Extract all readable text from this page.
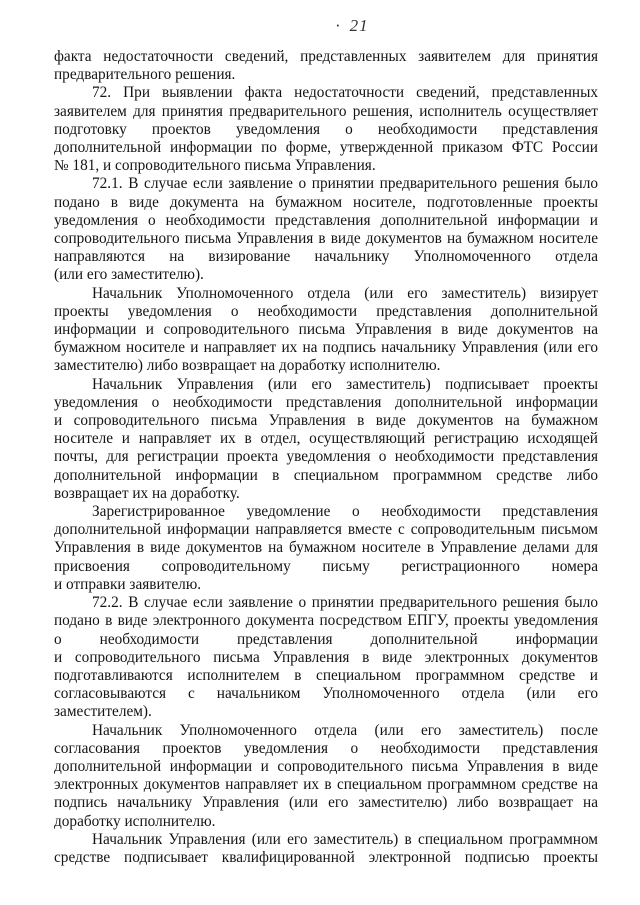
· 21

факта недостаточности сведений, представленных заявителем для принятия
предварительного решения.

72. При выявлении факта недостаточности сведений, представленных
заявителем для принятия предварительного решения, исполнитель осуществляет
подготовку проектов уведомления о необходимости представления
дополнительной информации по форме, утвержденной приказом ФТС России
№ 181, и сопроводительного письма Управления.

72.1. В случае если заявление о принятии предварительного решения было
подано в виде документа на бумажном носителе, подготовленные проекты
уведомления о необходимости представления дополнительной информации и
сопроводительного письма Управления в виде документов на бумажном носителе
направляются на визирование начальнику Уполномоченного отдела
(или его заместителю).

Начальник Уполномоченного отдела (или его заместитель) визирует
проекты уведомления о необходимости представления дополнительной
информации и сопроводительного письма Управления в виде документов на
бумажном носителе и направляет их на подпись начальнику Управления (или его
заместителю) либо возвращает на доработку исполнителю.

Начальник Управления (или его заместитель) подписывает проекты
уведомления о необходимости представления дополнительной информации
и сопроводительного письма Управления в виде документов на бумажном
носителе и направляет их в отдел, осуществляющий регистрацию исходящей
почты, для регистрации проекта уведомления о необходимости представления
дополнительной информации в специальном программном средстве либо
возвращает их на доработку.

Зарегистрированное уведомление о необходимости представления
дополнительной информации направляется вместе с сопроводительным письмом
Управления в виде документов на бумажном носителе в Управление делами для
присвоения сопроводительному письму регистрационного номера
и отправки заявителю.

72.2. В случае если заявление о принятии предварительного решения было
подано в виде электронного документа посредством ЕПГУ, проекты уведомления
о необходимости представления дополнительной информации
и сопроводительного письма Управления в виде электронных документов
подготавливаются исполнителем в специальном программном средстве и
согласовываются с начальником Уполномоченного отдела (или его
заместителем).

Начальник Уполномоченного отдела (или его заместитель) после
согласования проектов уведомления о необходимости представления
дополнительной информации и сопроводительного письма Управления в виде
электронных документов направляет их в специальном программном средстве на
подпись начальнику Управления (или его заместителю) либо возвращает на
доработку исполнителю.

Начальник Управления (или его заместитель) в специальном программном
средстве подписывает квалифицированной электронной подписью проекты
